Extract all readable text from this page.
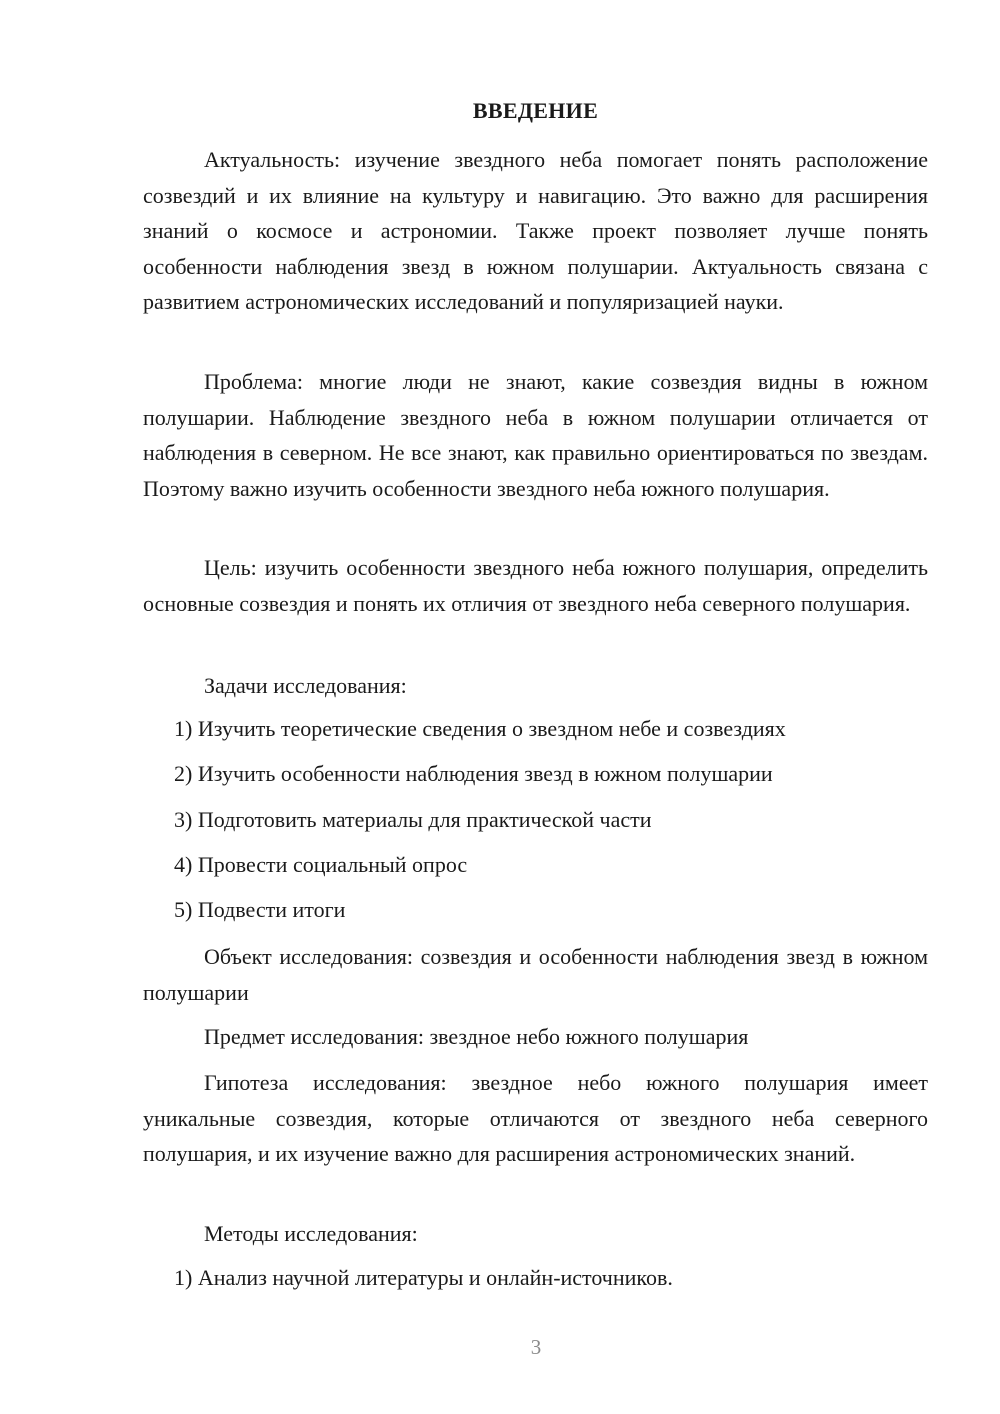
ВВЕДЕНИЕ

Актуальность: изучение звездного неба помогает понять расположение созвездий и их влияние на культуру и навигацию. Это важно для расширения знаний о космосе и астрономии. Также проект позволяет лучше понять особенности наблюдения звезд в южном полушарии. Актуальность связана с развитием астрономических исследований и популяризацией науки.

Проблема: многие люди не знают, какие созвездия видны в южном полушарии. Наблюдение звездного неба в южном полушарии отличается от наблюдения в северном. Не все знают, как правильно ориентироваться по звездам. Поэтому важно изучить особенности звездного неба южного полушария.

Цель: изучить особенности звездного неба южного полушария, определить основные созвездия и понять их отличия от звездного неба северного полушария.

Задачи исследования:

1) Изучить теоретические сведения о звездном небе и созвездиях
2) Изучить особенности наблюдения звезд в южном полушарии
3) Подготовить материалы для практической части
4) Провести социальный опрос
5) Подвести итоги

Объект исследования: созвездия и особенности наблюдения звезд в южном полушарии

Предмет исследования: звездное небо южного полушария

Гипотеза исследования: звездное небо южного полушария имеет уникальные созвездия, которые отличаются от звездного неба северного полушария, и их изучение важно для расширения астрономических знаний.

Методы исследования:

1) Анализ научной литературы и онлайн-источников.
3
